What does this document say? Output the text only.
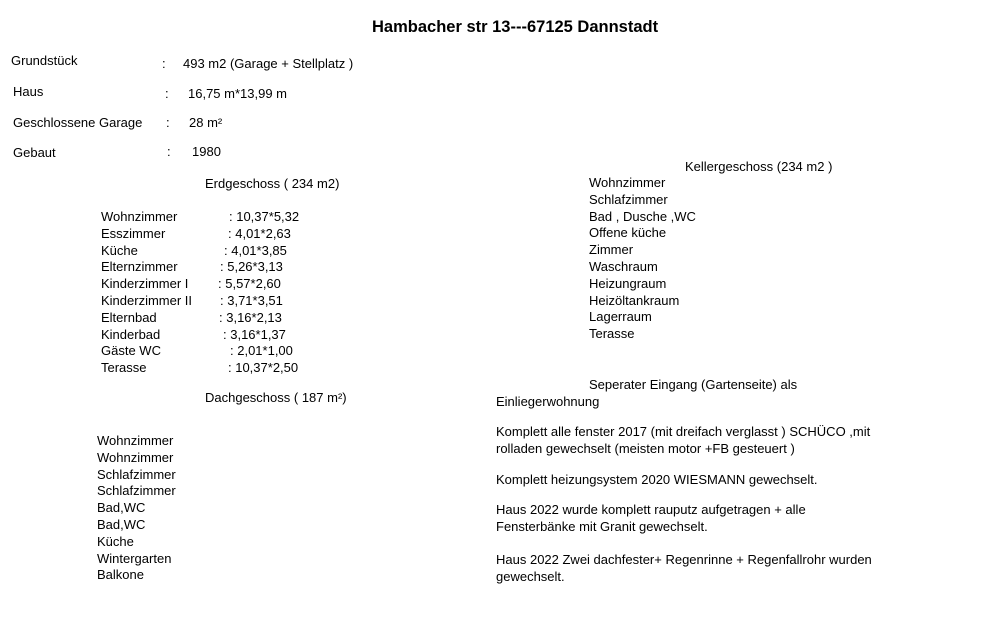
Hambacher str 13---67125 Dannstadt
Grundstück	: 493 m2 (Garage + Stellplatz )
Haus	: 16,75 m*13,99 m
Geschlossene Garage : 28 m²
Gebaut	: 1980
Erdgeschoss ( 234 m2)
Wohnzimmer	: 10,37*5,32
Esszimmer	: 4,01*2,63
Küche	: 4,01*3,85
Elternzimmer	: 5,26*3,13
Kinderzimmer I : 5,57*2,60
Kinderzimmer II : 3,71*3,51
Elternbad	: 3,16*2,13
Kinderbad	: 3,16*1,37
Gäste WC	: 2,01*1,00
Terasse	: 10,37*2,50
Dachgeschoss ( 187 m²)
Wohnzimmer
Wohnzimmer
Schlafzimmer
Schlafzimmer
Bad,WC
Bad,WC
Küche
Wintergarten
Balkone
Kellergeschoss (234 m2 )
Wohnzimmer
Schlafzimmer
Bad , Dusche ,WC
Offene küche
Zimmer
Waschraum
Heizungraum
Heizöltankraum
Lagerraum
Terasse
Seperater Eingang (Gartenseite) als
Einliegerwohnung
Komplett alle fenster 2017 (mit dreifach verglasst ) SCHÜCO ,mit
rolladen gewechselt (meisten motor +FB gesteuert )
Komplett heizungsystem 2020 WIESMANN gewechselt.
Haus 2022 wurde komplett rauputz aufgetragen + alle
Fensterbänke mit Granit gewechselt.
Haus 2022 Zwei dachfester+ Regenrinne + Regenfallrohr wurden
gewechselt.
